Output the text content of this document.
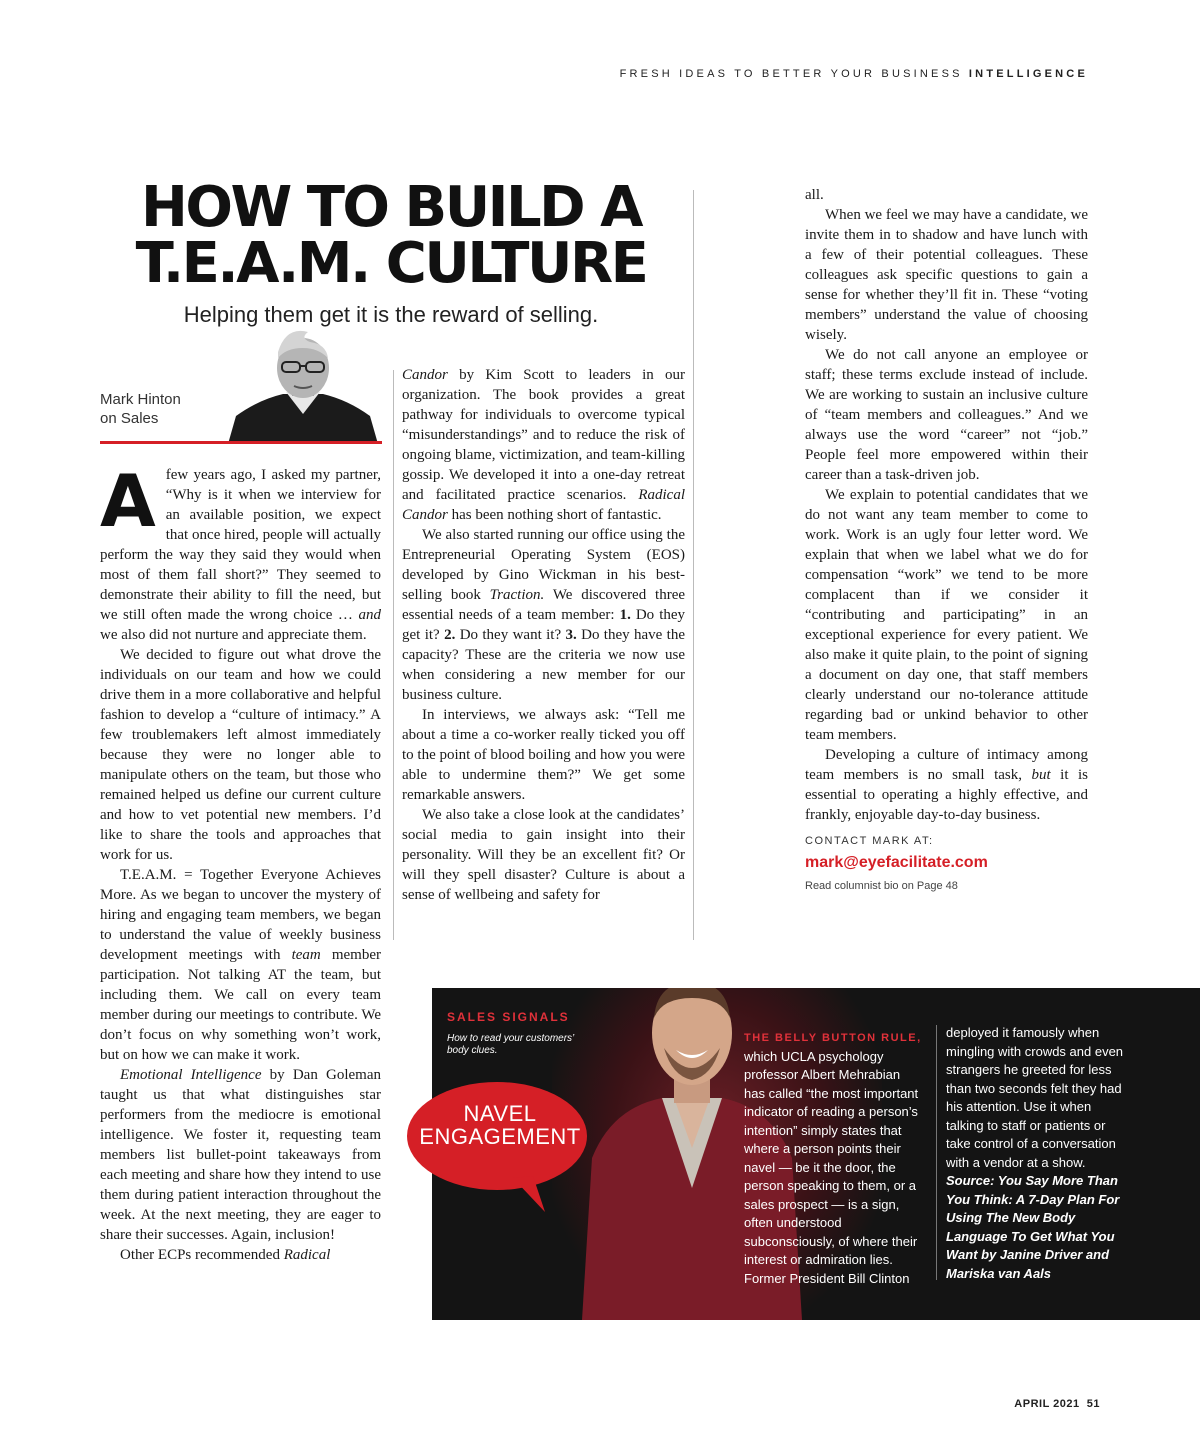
FRESH IDEAS TO BETTER YOUR BUSINESS INTELLIGENCE
HOW TO BUILD A
T.E.A.M. CULTURE
Helping them get it is the reward of selling.
Mark Hinton
on Sales

Afew years ago, I asked my partner, “Why is it when we interview for an available position, we expect that once hired, people will actually perform the way they said they would when most of them fall short?” They seemed to demonstrate their ability to fill the need, but we still often made the wrong choice … and we also did not nurture and appreciate them.

We decided to figure out what drove the individuals on our team and how we could drive them in a more collaborative and helpful fashion to develop a “culture of intimacy.” A few troublemakers left almost immediately because they were no longer able to manipulate others on the team, but those who remained helped us define our current culture and how to vet potential new members. I’d like to share the tools and approaches that work for us.

T.E.A.M. = Together Everyone Achieves More. As we began to uncover the mystery of hiring and engaging team members, we began to understand the value of weekly business development meetings with team member participation. Not talking AT the team, but including them. We call on every team member during our meetings to contribute. We don’t focus on why something won’t work, but on how we can make it work.

Emotional Intelligence by Dan Goleman taught us that what distinguishes star performers from the mediocre is emotional intelligence. We foster it, requesting team members list bullet-point takeaways from each meeting and share how they intend to use them during patient interaction throughout the week. At the next meeting, they are eager to share their successes. Again, inclusion!

Other ECPs recommended Radical

Candor by Kim Scott to leaders in our organization. The book provides a great pathway for individuals to overcome typical “misunderstandings” and to reduce the risk of ongoing blame, victimization, and team-killing gossip. We developed it into a one-day retreat and facilitated practice scenarios. Radical Candor has been nothing short of fantastic.

We also started running our office using the Entrepreneurial Operating System (EOS) developed by Gino Wickman in his best-selling book Traction. We discovered three essential needs of a team member: 1. Do they get it? 2. Do they want it? 3. Do they have the capacity? These are the criteria we now use when considering a new member for our business culture.

In interviews, we always ask: “Tell me about a time a co-worker really ticked you off to the point of blood boiling and how you were able to undermine them?” We get some remarkable answers.

We also take a close look at the candidates’ social media to gain insight into their personality. Will they be an excellent fit? Or will they spell disaster? Culture is about a sense of wellbeing and safety for

all.

When we feel we may have a candidate, we invite them in to shadow and have lunch with a few of their potential colleagues. These colleagues ask specific questions to gain a sense for whether they’ll fit in. These “voting members” understand the value of choosing wisely.

We do not call anyone an employee or staff; these terms exclude instead of include. We are working to sustain an inclusive culture of “team members and colleagues.” And we always use the word “career” not “job.” People feel more empowered within their career than a task-driven job.

We explain to potential candidates that we do not want any team member to come to work. Work is an ugly four letter word. We explain that when we label what we do for compensation “work” we tend to be more complacent than if we consider it “contributing and participating” in an exceptional experience for every patient. We also make it quite plain, to the point of signing a document on day one, that staff members clearly understand our no-tolerance attitude regarding bad or unkind behavior to other team members.

Developing a culture of intimacy among team members is no small task, but it is essential to operating a highly effective, and frankly, enjoyable day-to-day business.

CONTACT MARK AT:
mark@eyefacilitate.com
Read columnist bio on Page 48
SALES SIGNALS
How to read your customers’ body clues.
NAVEL
ENGAGEMENT
THE BELLY BUTTON RULE, which UCLA psychology professor Albert Mehrabian has called “the most important indicator of reading a person’s intention” simply states that where a person points their navel — be it the door, the person speaking to them, or a sales prospect — is a sign, often understood subconsciously, of where their interest or admiration lies. Former President Bill Clinton
deployed it famously when mingling with crowds and even strangers he greeted for less than two seconds felt they had his attention. Use it when talking to staff or patients or take control of a conversation with a vendor at a show. Source: You Say More Than You Think: A 7-Day Plan For Using The New Body Language To Get What You Want by Janine Driver and Mariska van Aals
APRIL 2021 51
